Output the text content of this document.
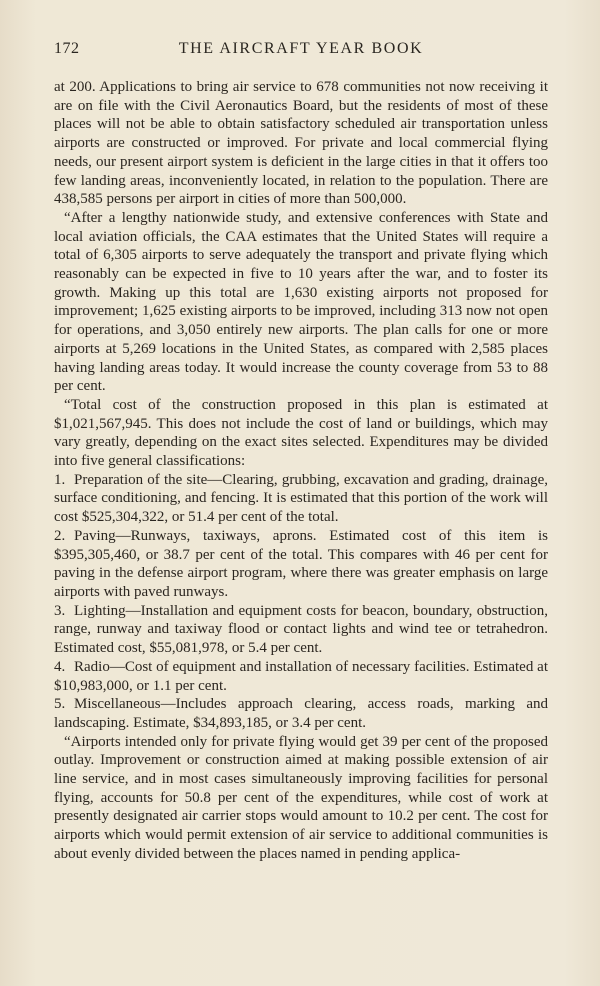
172	THE AIRCRAFT YEAR BOOK

at 200. Applications to bring air service to 678 communities not now receiving it are on file with the Civil Aeronautics Board, but the residents of most of these places will not be able to obtain satisfactory scheduled air transportation unless airports are constructed or improved. For private and local commercial flying needs, our present airport system is deficient in the large cities in that it offers too few landing areas, inconveniently located, in relation to the population. There are 438,585 persons per airport in cities of more than 500,000.

“After a lengthy nationwide study, and extensive conferences with State and local aviation officials, the CAA estimates that the United States will require a total of 6,305 airports to serve adequately the transport and private flying which reasonably can be expected in five to 10 years after the war, and to foster its growth. Making up this total are 1,630 existing airports not proposed for improvement; 1,625 existing airports to be improved, including 313 now not open for operations, and 3,050 entirely new airports. The plan calls for one or more airports at 5,269 locations in the United States, as compared with 2,585 places having landing areas today. It would increase the county coverage from 53 to 88 per cent.

“Total cost of the construction proposed in this plan is estimated at $1,021,567,945. This does not include the cost of land or buildings, which may vary greatly, depending on the exact sites selected. Expenditures may be divided into five general classifications:

1. Preparation of the site—Clearing, grubbing, excavation and grading, drainage, surface conditioning, and fencing. It is estimated that this portion of the work will cost $525,304,322, or 51.4 per cent of the total.

2. Paving—Runways, taxiways, aprons. Estimated cost of this item is $395,305,460, or 38.7 per cent of the total. This compares with 46 per cent for paving in the defense airport program, where there was greater emphasis on large airports with paved runways.

3. Lighting—Installation and equipment costs for beacon, boundary, obstruction, range, runway and taxiway flood or contact lights and wind tee or tetrahedron. Estimated cost, $55,081,978, or 5.4 per cent.

4. Radio—Cost of equipment and installation of necessary facilities. Estimated at $10,983,000, or 1.1 per cent.

5. Miscellaneous—Includes approach clearing, access roads, marking and landscaping. Estimate, $34,893,185, or 3.4 per cent.

“Airports intended only for private flying would get 39 per cent of the proposed outlay. Improvement or construction aimed at making possible extension of air line service, and in most cases simultaneously improving facilities for personal flying, accounts for 50.8 per cent of the expenditures, while cost of work at presently designated air carrier stops would amount to 10.2 per cent. The cost for airports which would permit extension of air service to additional communities is about evenly divided between the places named in pending applica-
